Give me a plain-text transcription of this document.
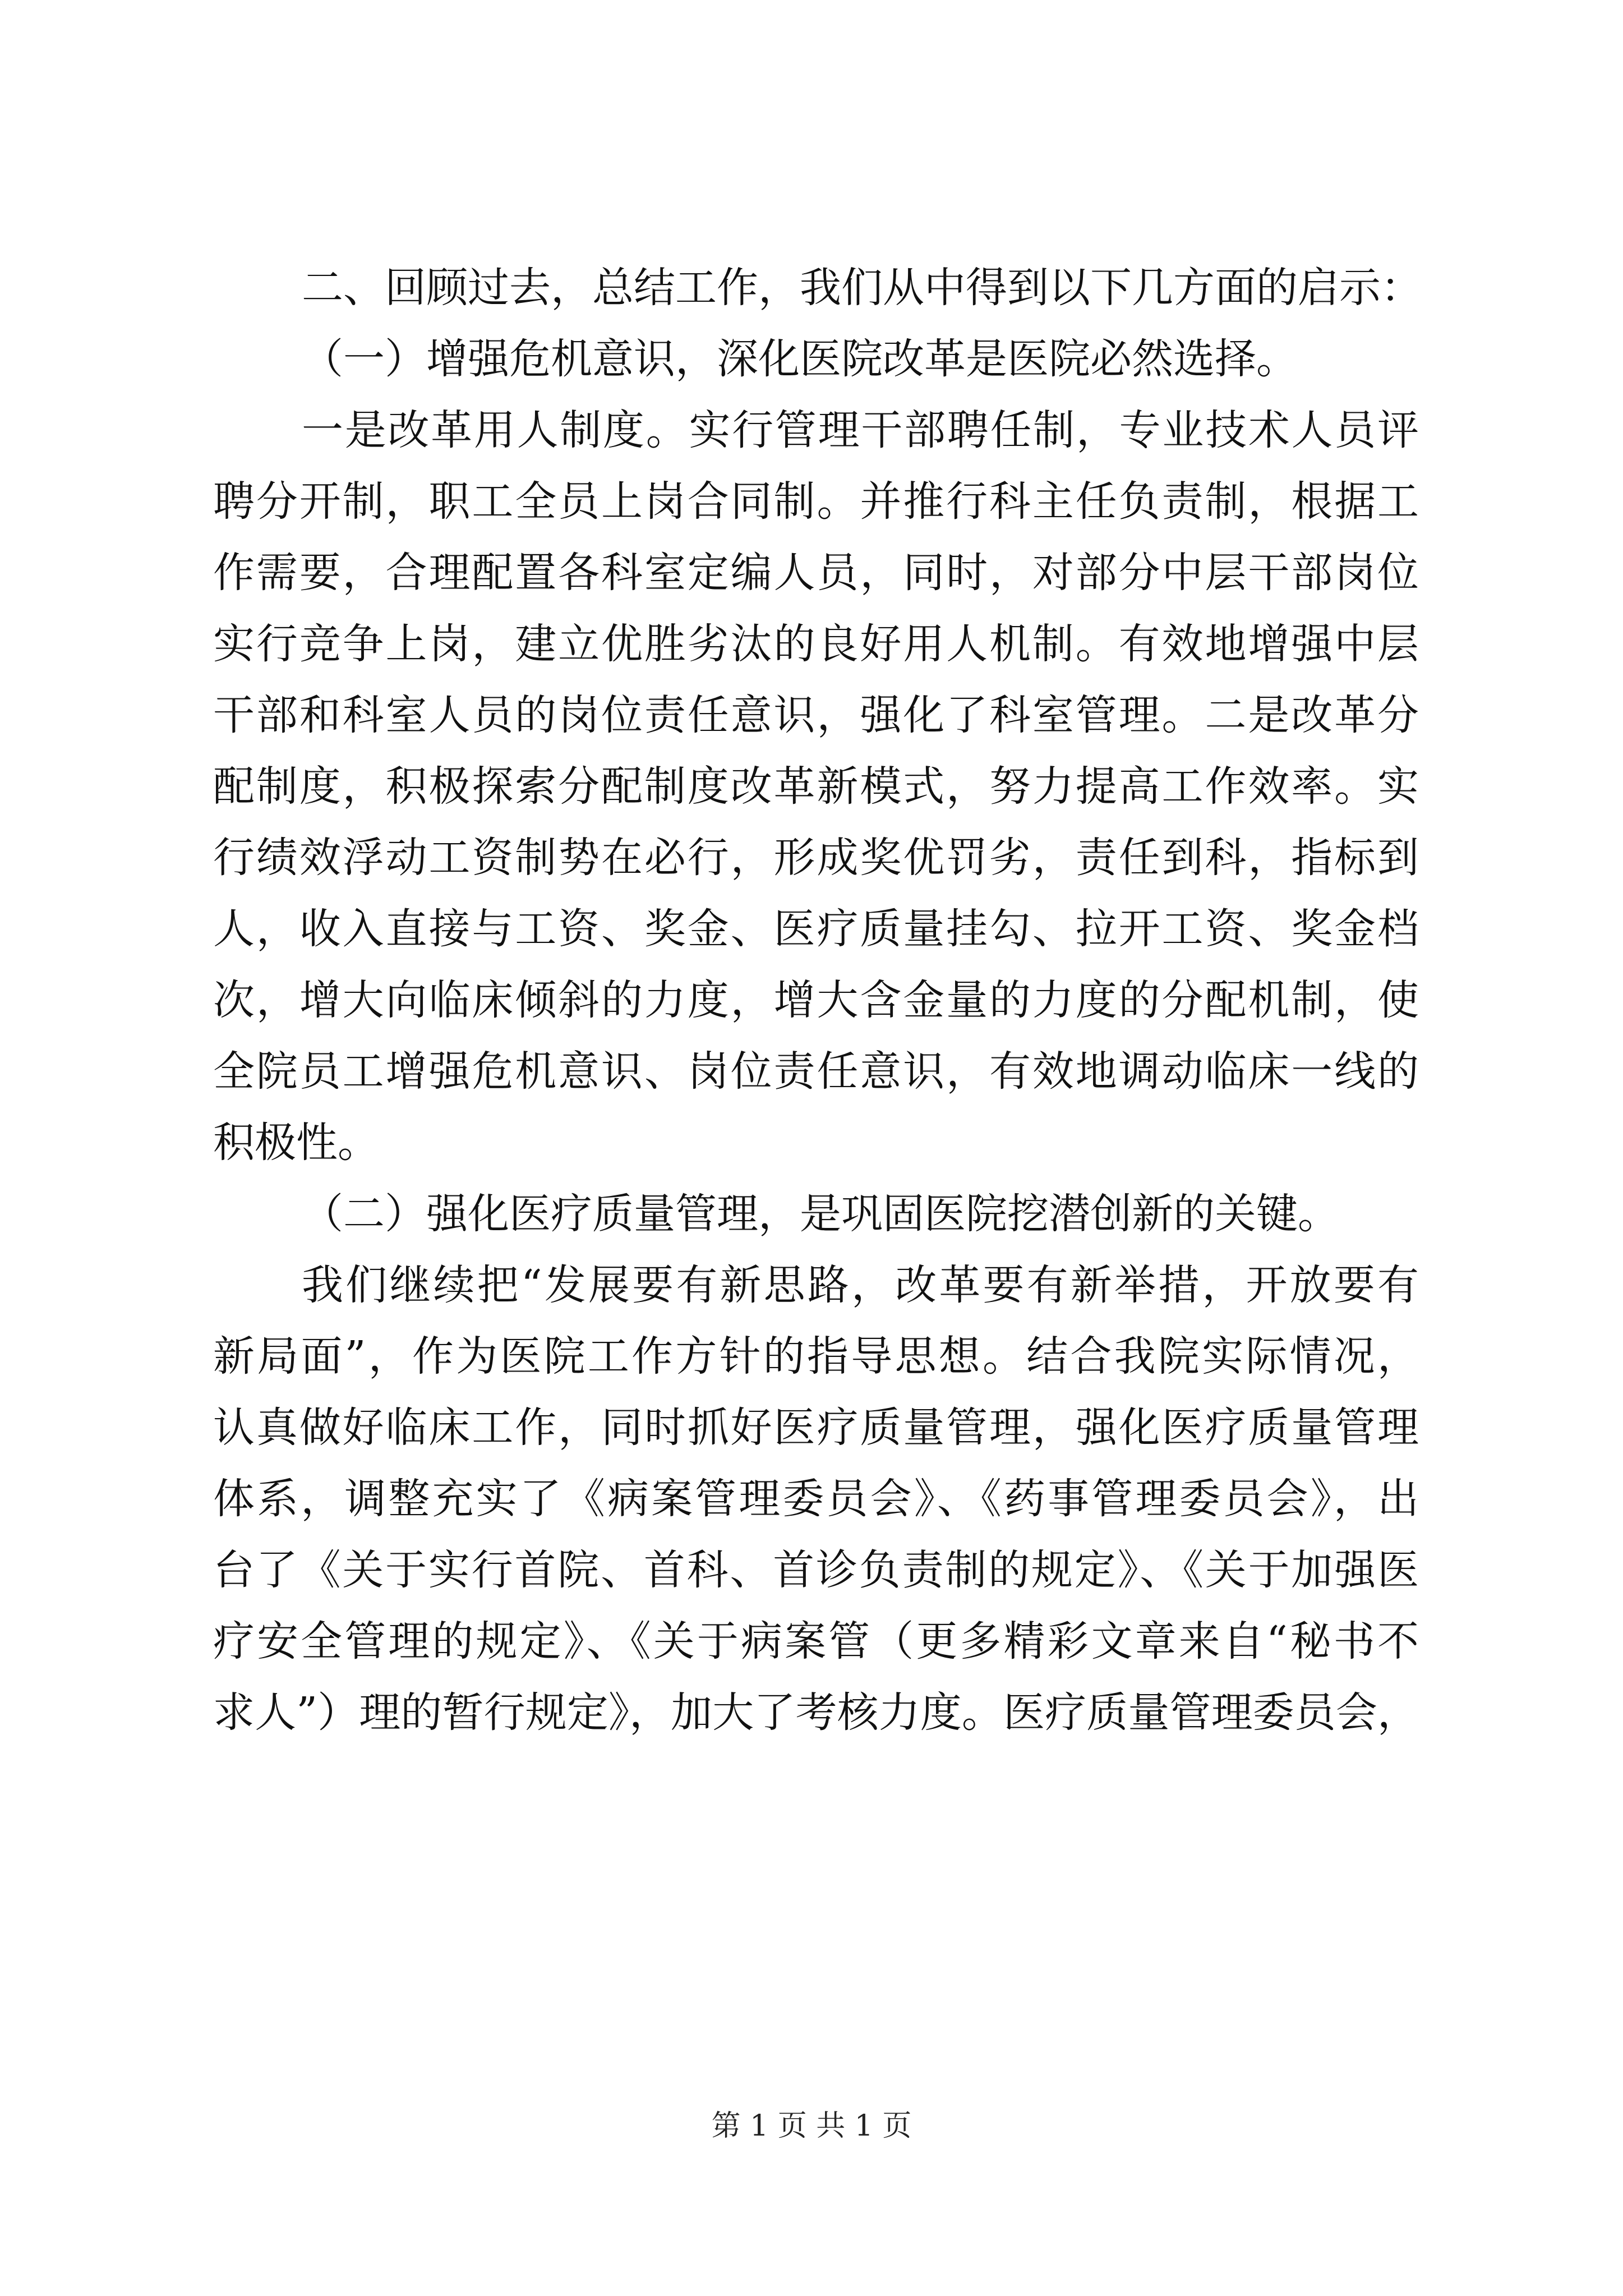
二、回顾过去，总结工作，我们从中得到以下几方面的启示：
（一）增强危机意识，深化医院改革是医院必然选择。
一是改革用人制度。实行管理干部聘任制，专业技术人员评
聘分开制，职工全员上岗合同制。并推行科主任负责制，根据工
作需要，合理配置各科室定编人员，同时，对部分中层干部岗位
实行竞争上岗，建立优胜劣汰的良好用人机制。有效地增强中层
干部和科室人员的岗位责任意识，强化了科室管理。二是改革分
配制度，积极探索分配制度改革新模式，努力提高工作效率。实
行绩效浮动工资制势在必行，形成奖优罚劣，责任到科，指标到
人，收入直接与工资、奖金、医疗质量挂勾、拉开工资、奖金档
次，增大向临床倾斜的力度，增大含金量的力度的分配机制，使
全院员工增强危机意识、岗位责任意识，有效地调动临床一线的
积极性。
（二）强化医疗质量管理，是巩固医院挖潜创新的关键。
我们继续把“发展要有新思路，改革要有新举措，开放要有
新局面”，作为医院工作方针的指导思想。结合我院实际情况，
认真做好临床工作，同时抓好医疗质量管理，强化医疗质量管理
体系，调整充实了《病案管理委员会》、《药事管理委员会》，出
台了《关于实行首院、首科、首诊负责制的规定》、《关于加强医
疗安全管理的规定》、《关于病案管（更多精彩文章来自“秘书不
求人”）理的暂行规定》，加大了考核力度。医疗质量管理委员会，
第 1 页 共 1 页
